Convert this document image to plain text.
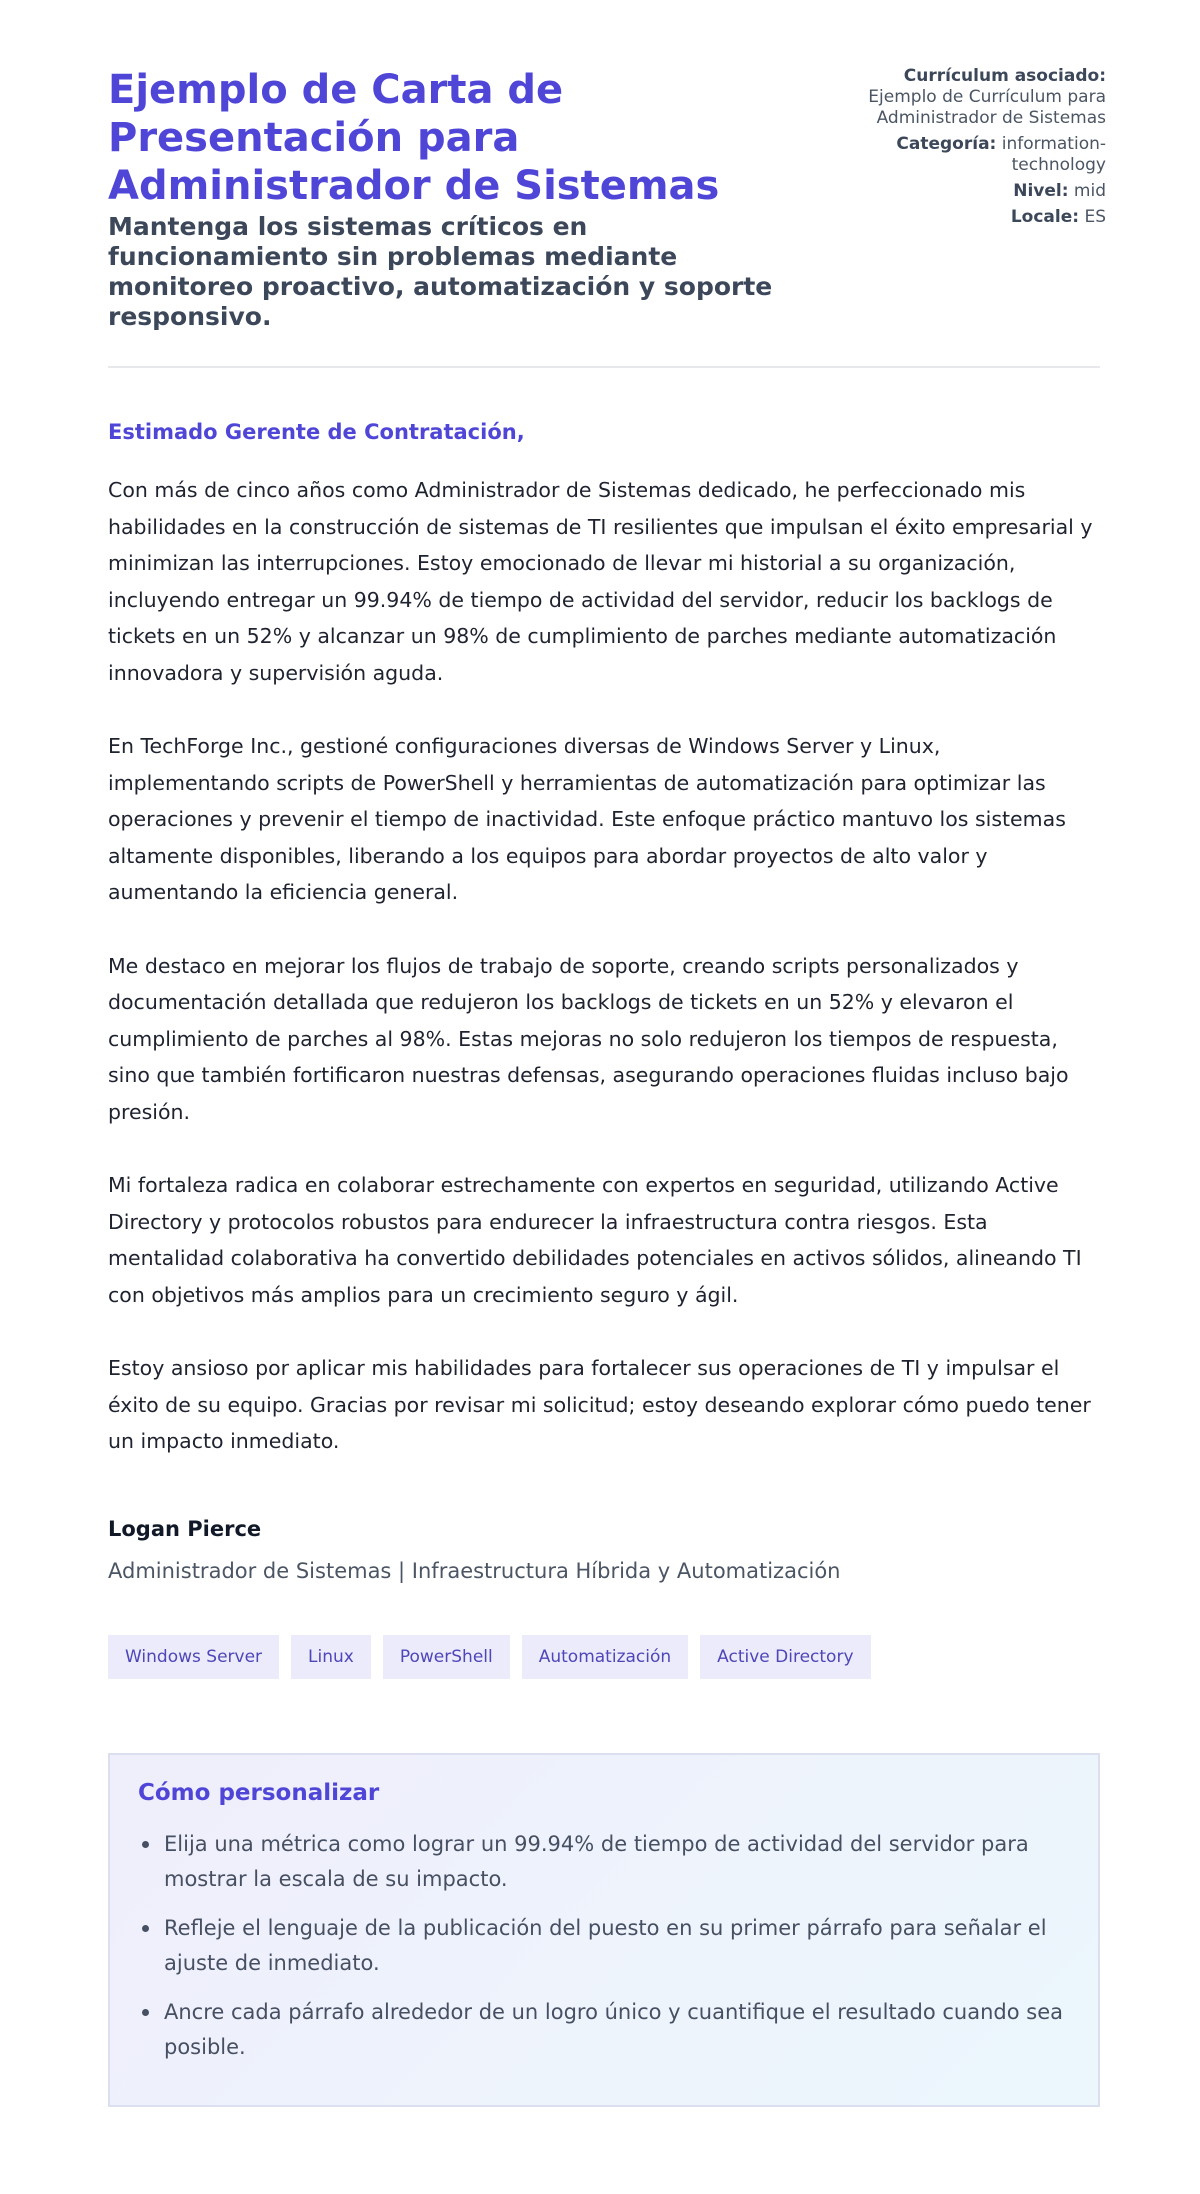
Ejemplo de Carta de Presentación para Administrador de Sistemas
Mantenga los sistemas críticos en funcionamiento sin problemas mediante monitoreo proactivo, automatización y soporte responsivo.
Currículum asociado:
Ejemplo de Currículum para Administrador de Sistemas
Categoría: information-technology
Nivel: mid
Locale: ES
Estimado Gerente de Contratación,

Con más de cinco años como Administrador de Sistemas dedicado, he perfeccionado mis habilidades en la construcción de sistemas de TI resilientes que impulsan el éxito empresarial y minimizan las interrupciones. Estoy emocionado de llevar mi historial a su organización, incluyendo entregar un 99.94% de tiempo de actividad del servidor, reducir los backlogs de tickets en un 52% y alcanzar un 98% de cumplimiento de parches mediante automatización innovadora y supervisión aguda.

En TechForge Inc., gestioné configuraciones diversas de Windows Server y Linux, implementando scripts de PowerShell y herramientas de automatización para optimizar las operaciones y prevenir el tiempo de inactividad. Este enfoque práctico mantuvo los sistemas altamente disponibles, liberando a los equipos para abordar proyectos de alto valor y aumentando la eficiencia general.

Me destaco en mejorar los flujos de trabajo de soporte, creando scripts personalizados y documentación detallada que redujeron los backlogs de tickets en un 52% y elevaron el cumplimiento de parches al 98%. Estas mejoras no solo redujeron los tiempos de respuesta, sino que también fortificaron nuestras defensas, asegurando operaciones fluidas incluso bajo presión.

Mi fortaleza radica en colaborar estrechamente con expertos en seguridad, utilizando Active Directory y protocolos robustos para endurecer la infraestructura contra riesgos. Esta mentalidad colaborativa ha convertido debilidades potenciales en activos sólidos, alineando TI con objetivos más amplios para un crecimiento seguro y ágil.

Estoy ansioso por aplicar mis habilidades para fortalecer sus operaciones de TI y impulsar el éxito de su equipo. Gracias por revisar mi solicitud; estoy deseando explorar cómo puedo tener un impacto inmediato.

Logan Pierce
Administrador de Sistemas | Infraestructura Híbrida y Automatización
Windows Server	Linux	PowerShell	Automatización	Active Directory
Cómo personalizar
Elija una métrica como lograr un 99.94% de tiempo de actividad del servidor para mostrar la escala de su impacto.
Refleje el lenguaje de la publicación del puesto en su primer párrafo para señalar el ajuste de inmediato.
Ancre cada párrafo alrededor de un logro único y cuantifique el resultado cuando sea posible.
